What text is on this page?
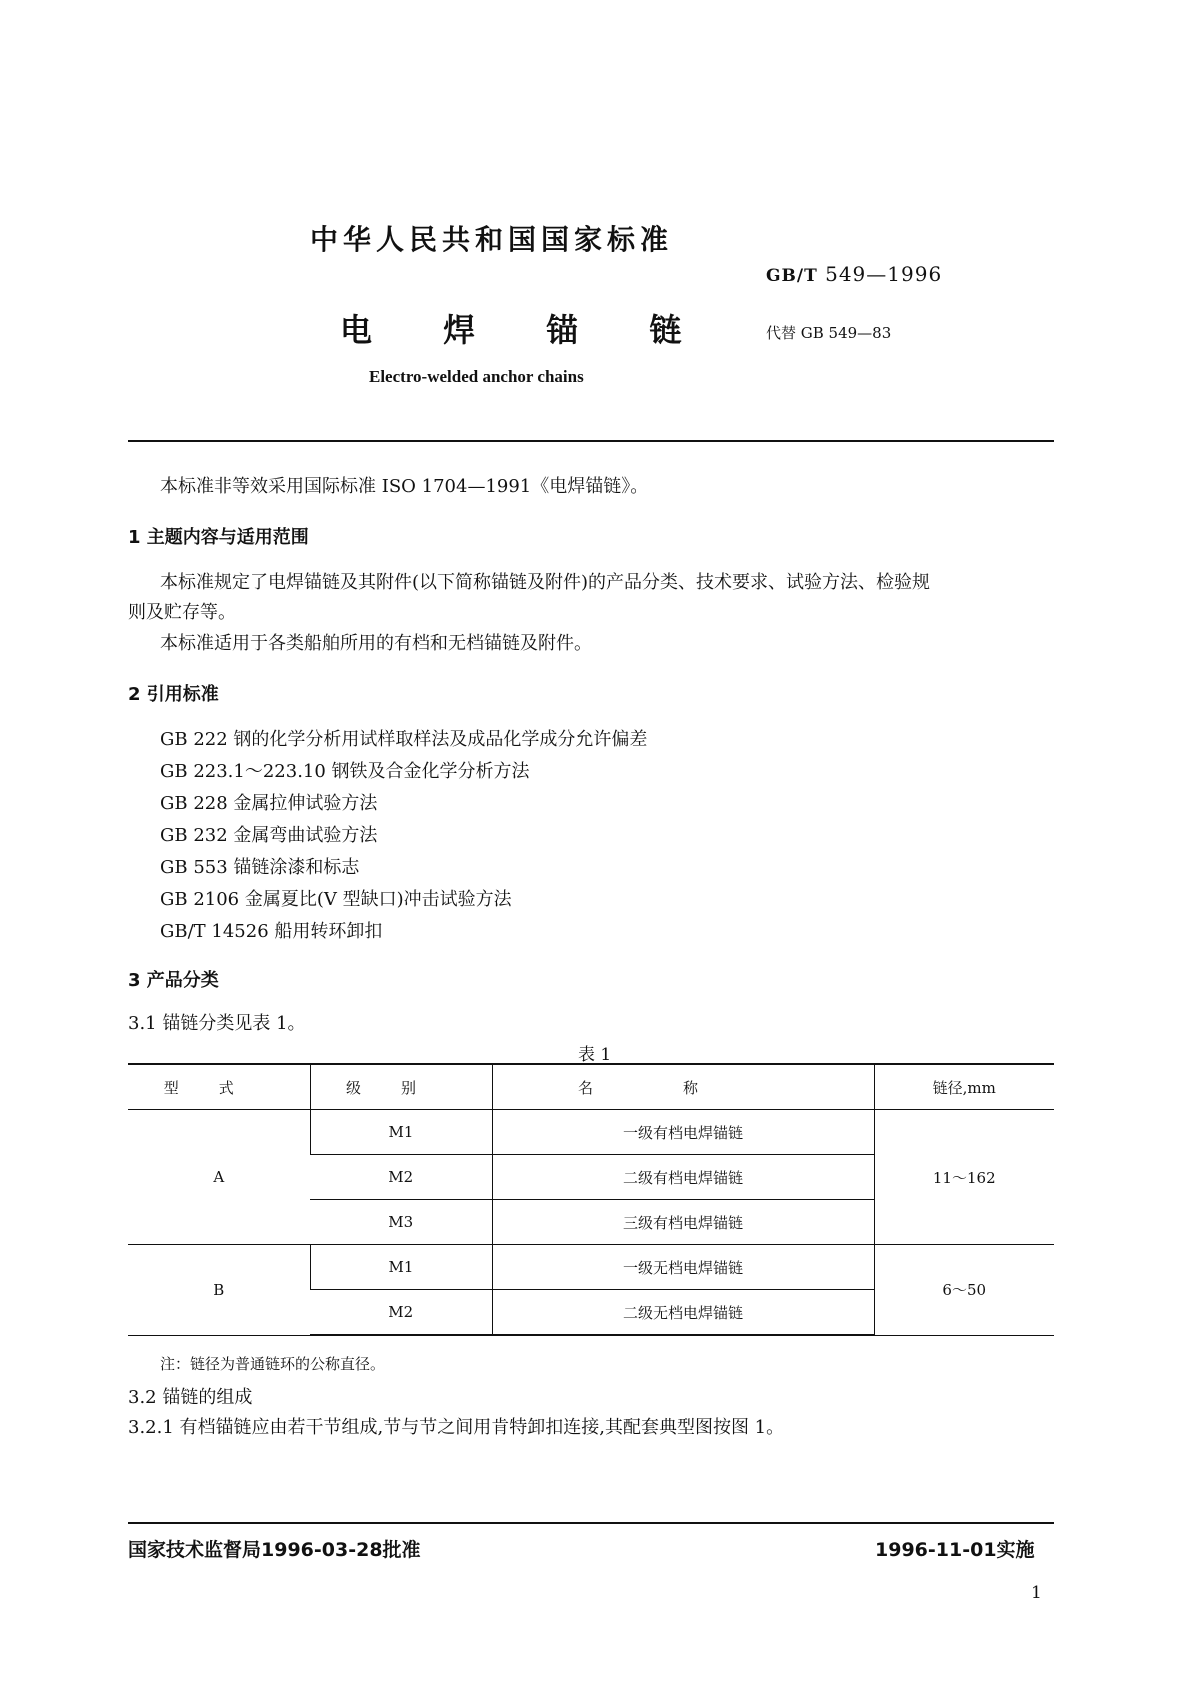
中华人民共和国国家标准
GB/T 549—1996
电 焊 锚 链	代替 GB 549—83
Electro-welded anchor chains
本标准非等效采用国际标准 ISO 1704—1991《电焊锚链》。
1 主题内容与适用范围
本标准规定了电焊锚链及其附件(以下简称锚链及附件)的产品分类、技术要求、试验方法、检验规
则及贮存等。
本标准适用于各类船舶所用的有档和无档锚链及附件。
2 引用标准
GB 222 钢的化学分析用试样取样法及成品化学成分允许偏差
GB 223.1～223.10 钢铁及合金化学分析方法
GB 228 金属拉伸试验方法
GB 232 金属弯曲试验方法
GB 553 锚链涂漆和标志
GB 2106 金属夏比(V 型缺口)冲击试验方法
GB/T 14526 船用转环卸扣
3 产品分类
3.1 锚链分类见表 1。
表 1
型式	级别	名称	链径,mm
A	M1	一级有档电焊锚链	11～162
	M2	二级有档电焊锚链	
	M3	三级有档电焊锚链	
B	M1	一级无档电焊锚链	6～50
	M2	二级无档电焊锚链	
注：链径为普通链环的公称直径。
3.2 锚链的组成
3.2.1 有档锚链应由若干节组成,节与节之间用肯特卸扣连接,其配套典型图按图 1。
国家技术监督局1996-03-28批准	1996-11-01实施
1
